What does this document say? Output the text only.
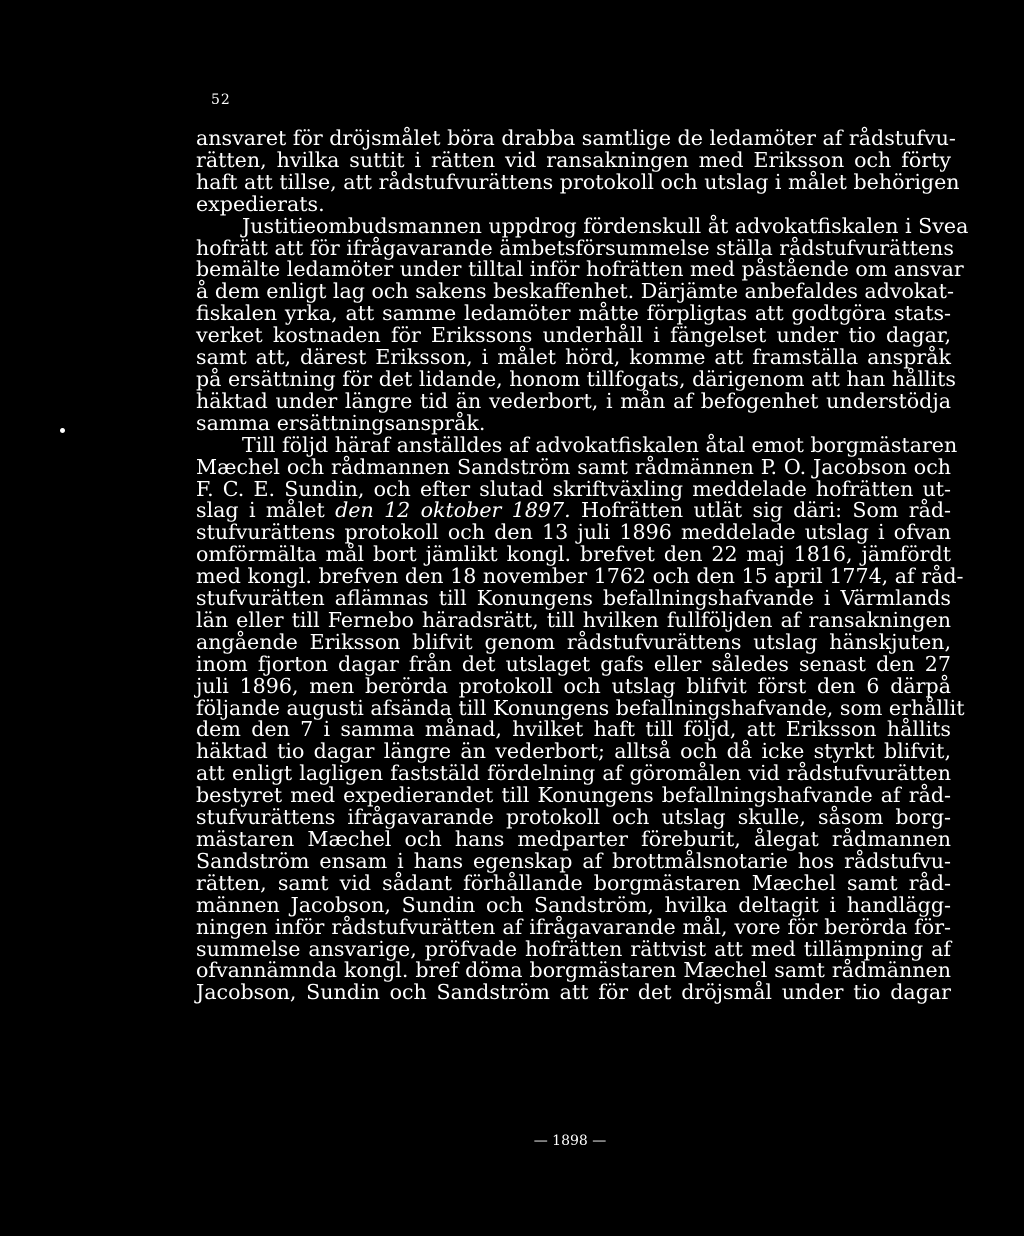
52
ansvaret för dröjsmålet böra drabba samtlige de ledamöter af rådstufvu-
rätten, hvilka suttit i rätten vid ransakningen med Eriksson och förty
haft att tillse, att rådstufvurättens protokoll och utslag i målet behörigen
expedierats.
Justitieombudsmannen uppdrog fördenskull åt advokatfiskalen i Svea
hofrätt att för ifrågavarande ämbetsförsummelse ställa rådstufvurättens
bemälte ledamöter under tilltal inför hofrätten med påstående om ansvar
å dem enligt lag och sakens beskaffenhet. Därjämte anbefaldes advokat-
fiskalen yrka, att samme ledamöter måtte förpligtas att godtgöra stats-
verket kostnaden för Erikssons underhåll i fängelset under tio dagar,
samt att, därest Eriksson, i målet hörd, komme att framställa anspråk
på ersättning för det lidande, honom tillfogats, därigenom att han hållits
häktad under längre tid än vederbort, i mån af befogenhet understödja
samma ersättningsanspråk.
Till följd häraf anställdes af advokatfiskalen åtal emot borgmästaren
Mæchel och rådmannen Sandström samt rådmännen P. O. Jacobson och
F. C. E. Sundin, och efter slutad skriftväxling meddelade hofrätten ut-
slag i målet den 12 oktober 1897. Hofrätten utlät sig däri: Som råd-
stufvurättens protokoll och den 13 juli 1896 meddelade utslag i ofvan
omförmälta mål bort jämlikt kongl. brefvet den 22 maj 1816, jämfördt
med kongl. brefven den 18 november 1762 och den 15 april 1774, af råd-
stufvurätten aflämnas till Konungens befallningshafvande i Värmlands
län eller till Fernebo häradsrätt, till hvilken fullföljden af ransakningen
angående Eriksson blifvit genom rådstufvurättens utslag hänskjuten,
inom fjorton dagar från det utslaget gafs eller således senast den 27
juli 1896, men berörda protokoll och utslag blifvit först den 6 därpå
följande augusti afsända till Konungens befallningshafvande, som erhållit
dem den 7 i samma månad, hvilket haft till följd, att Eriksson hållits
häktad tio dagar längre än vederbort; alltså och då icke styrkt blifvit,
att enligt lagligen faststäld fördelning af göromålen vid rådstufvurätten
bestyret med expedierandet till Konungens befallningshafvande af råd-
stufvurättens ifrågavarande protokoll och utslag skulle, såsom borg-
mästaren Mæchel och hans medparter föreburit, ålegat rådmannen
Sandström ensam i hans egenskap af brottmålsnotarie hos rådstufvu-
rätten, samt vid sådant förhållande borgmästaren Mæchel samt råd-
männen Jacobson, Sundin och Sandström, hvilka deltagit i handlägg-
ningen inför rådstufvurätten af ifrågavarande mål, vore för berörda för-
summelse ansvarige, pröfvade hofrätten rättvist att med tillämpning af
ofvannämnda kongl. bref döma borgmästaren Mæchel samt rådmännen
Jacobson, Sundin och Sandström att för det dröjsmål under tio dagar
— 1898 —
